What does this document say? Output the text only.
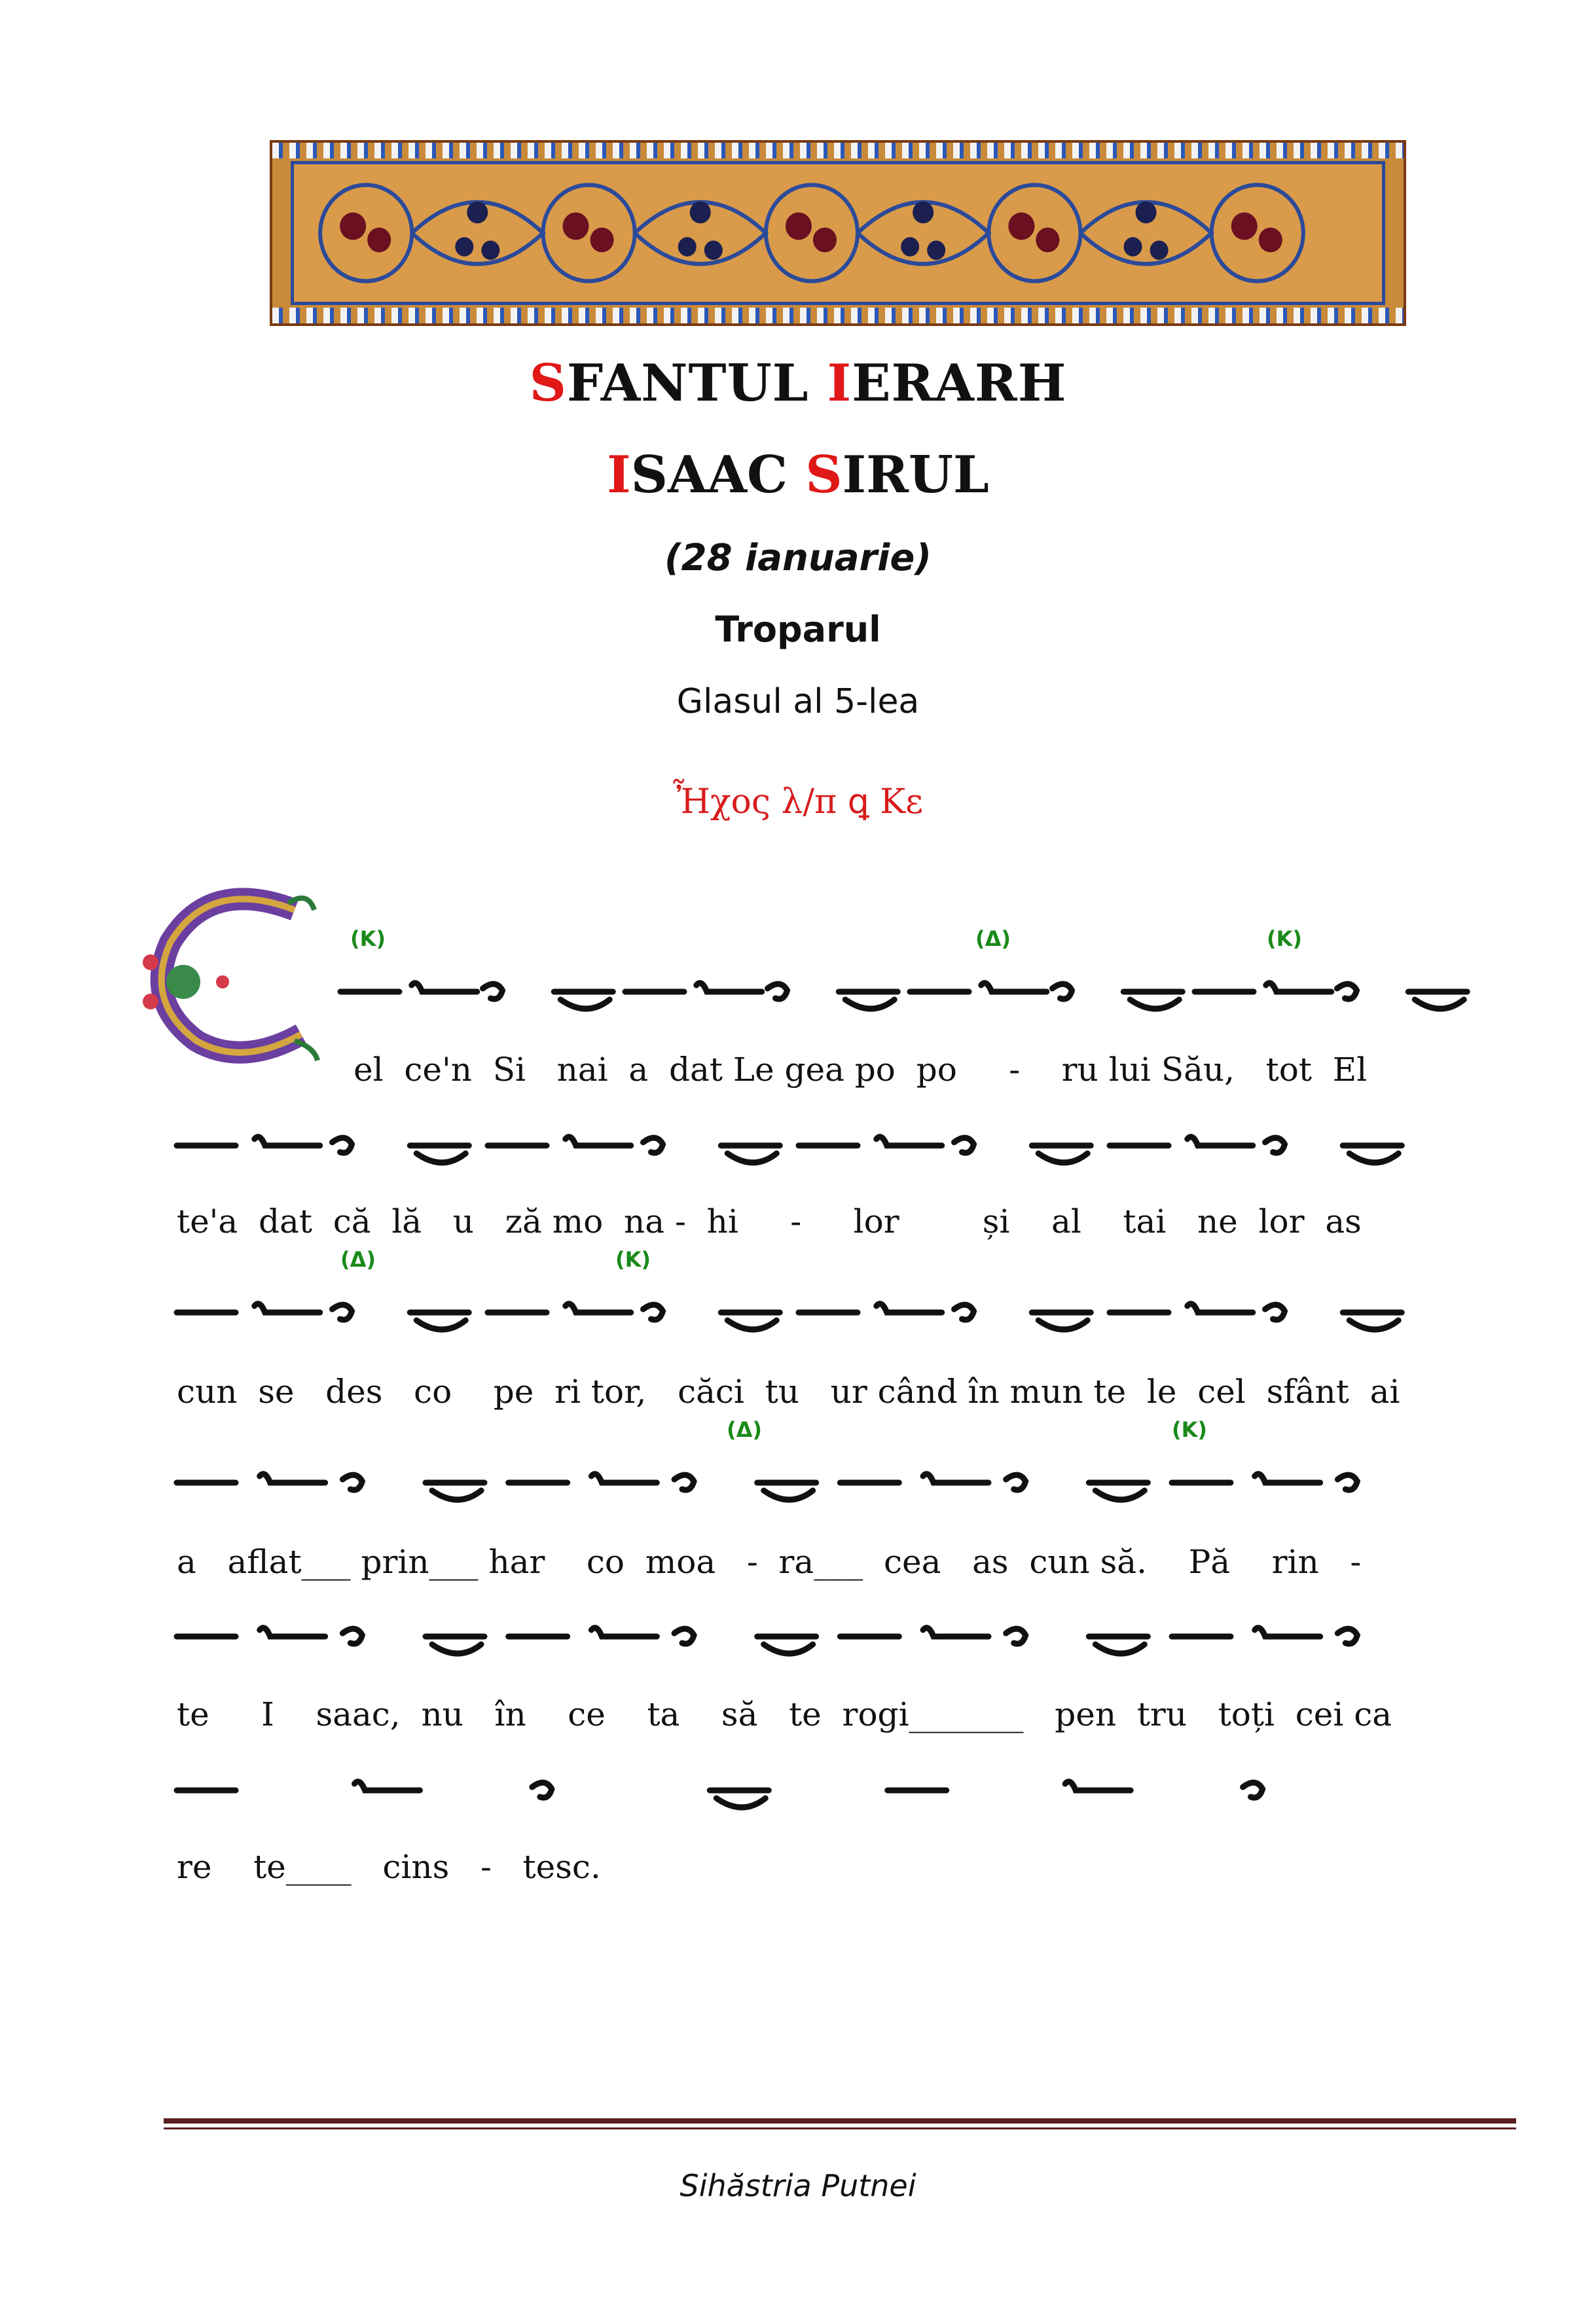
SFANTUL IERARH
ISAAC SIRUL
(28 ianuarie)
Troparul
Glasul al 5-lea
Ἦχος λ/π ꝗ Κε
(Κ)	(Δ)	(Κ)
el  ce'n  Si   nai  a  dat Le gea po  po     -    ru lui Său,   tot  El
te'a  dat  că  lă   u   ză mo  na -  hi     -     lor        și    al    tai   ne  lor  as
(Δ)	(Κ)
cun  se   des   co    pe  ri tor,   căci  tu   ur când în mun te  le  cel  sfânt  ai
(Δ)	(Κ)
a   aflat___ prin___ har    co  moa   -  ra___  cea   as  cun să.    Pă    rin   -
te     I    saac,  nu   în    ce    ta    să   te  rogi_______   pen  tru   toți  cei ca
re    te____   cins   -   tesc.
Sihăstria Putnei
